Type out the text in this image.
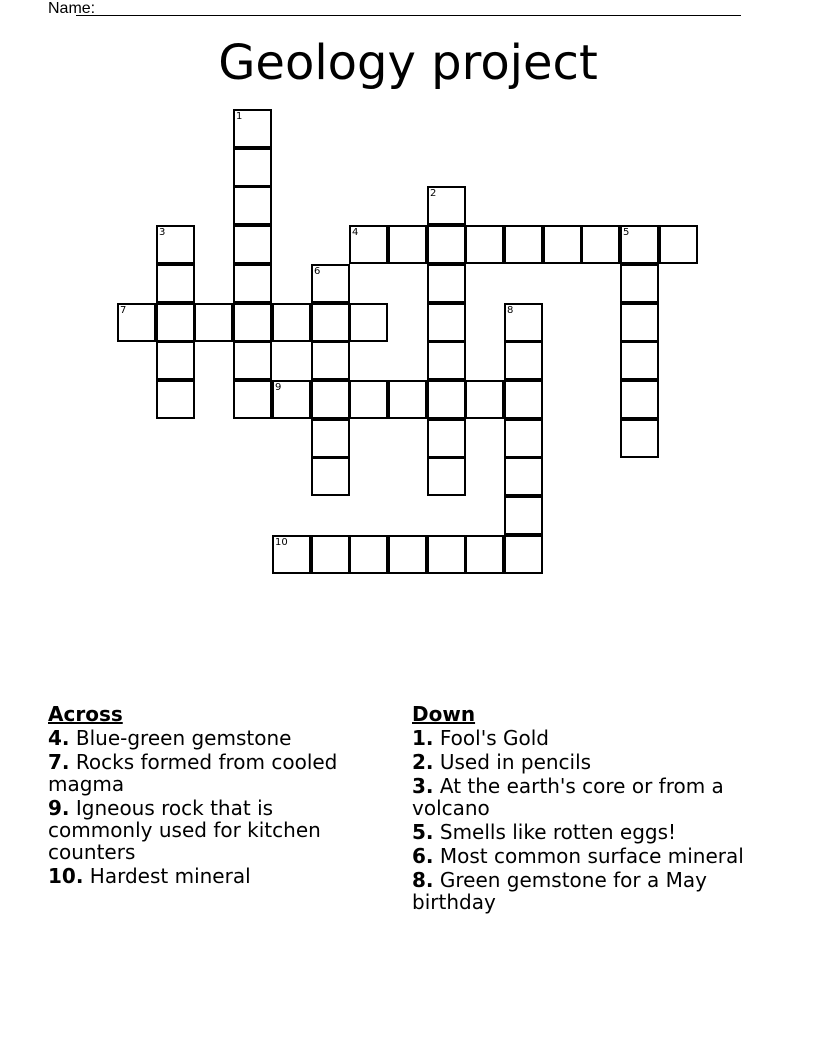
Name:
Geology project
1
2
3	4	5
6
7	8
9
10
Across
4. Blue-green gemstone
7. Rocks formed from cooled magma
9. Igneous rock that is commonly used for kitchen counters
10. Hardest mineral
Down
1. Fool's Gold
2. Used in pencils
3. At the earth's core or from a volcano
5. Smells like rotten eggs!
6. Most common surface mineral
8. Green gemstone for a May birthday
